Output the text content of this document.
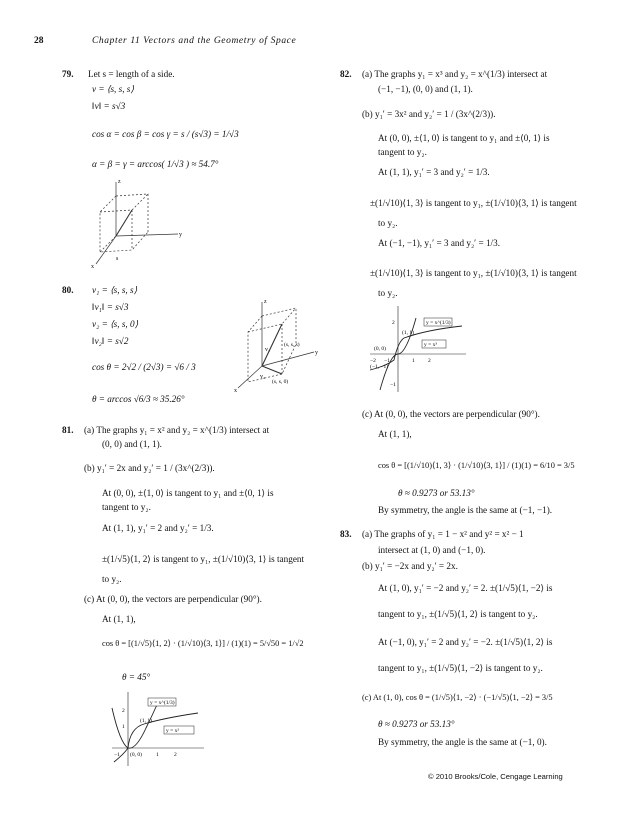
28	Chapter 11 Vectors and the Geometry of Space
79. Let s = length of a side.
v = ⟨s, s, s⟩
‖v‖ = s√3
cos α = cos β = cos γ = s / (s√3) = 1/√3
α = β = γ = arccos( 1/√3 ) ≈ 54.7°
z
y
x
s
80. v₁ = ⟨s, s, s⟩
‖v₁‖ = s√3
v₂ = ⟨s, s, 0⟩
‖v₂‖ = s√2
cos θ = 2√2 / (2√3) = √6 / 3
θ = arccos √6/3 ≈ 35.26°
z
y
x
v₁
v₂
(s, s, s)
(s, s, 0)
81. (a) The graphs y₁ = x² and y₂ = x^(1/3) intersect at
(0, 0) and (1, 1).
(b) y₁′ = 2x and y₂′ = 1 / (3x^(2/3)).
At (0, 0), ±⟨1, 0⟩ is tangent to y₁ and ±⟨0, 1⟩ is
tangent to y₂.
At (1, 1), y₁′ = 2 and y₂′ = 1/3.
±(1/√5)⟨1, 2⟩ is tangent to y₁, ±(1/√10)⟨3, 1⟩ is tangent
to y₂.
(c) At (0, 0), the vectors are perpendicular (90°).
At (1, 1),
cos θ = [(1/√5)⟨1, 2⟩ · (1/√10)⟨3, 1⟩] / (1)(1) = 5/√50 = 1/√2
θ = 45°
y = x^(1/3)
y = x²
(1, 1)
(0, 0)
2
1
−1	1	2
82. (a) The graphs y₁ = x³ and y₂ = x^(1/3) intersect at
(−1, −1), (0, 0) and (1, 1).
(b) y₁′ = 3x² and y₂′ = 1 / (3x^(2/3)).
At (0, 0), ±⟨1, 0⟩ is tangent to y₁ and ±⟨0, 1⟩ is
tangent to y₂.
At (1, 1), y₁′ = 3 and y₂′ = 1/3.
±(1/√10)⟨1, 3⟩ is tangent to y₁, ±(1/√10)⟨3, 1⟩ is tangent
to y₂.
At (−1, −1), y₁′ = 3 and y₂′ = 1/3.
±(1/√10)⟨1, 3⟩ is tangent to y₁, ±(1/√10)⟨3, 1⟩ is tangent
to y₂.
y = x^(1/3)
y = x³
(1, 1)
(0, 0)
(−1, −1)
2
−2 −1	1 2
−1
(c) At (0, 0), the vectors are perpendicular (90°).
At (1, 1),
cos θ = [(1/√10)⟨1, 3⟩ · (1/√10)⟨3, 1⟩] / (1)(1) = 6/10 = 3/5
θ ≈ 0.9273 or 53.13°
By symmetry, the angle is the same at (−1, −1).
83. (a) The graphs of y₁ = 1 − x² and y² = x² − 1
intersect at (1, 0) and (−1, 0).
(b) y₁′ = −2x and y₂′ = 2x.
At (1, 0), y₁′ = −2 and y₂′ = 2. ±(1/√5)⟨1, −2⟩ is
tangent to y₁, ±(1/√5)⟨1, 2⟩ is tangent to y₂.
At (−1, 0), y₁′ = 2 and y₂′ = −2. ±(1/√5)⟨1, 2⟩ is
tangent to y₁, ±(1/√5)⟨1, −2⟩ is tangent to y₂.
(c) At (1, 0), cos θ = (1/√5)⟨1, −2⟩ · (−1/√5)⟨1, −2⟩ = 3/5
θ ≈ 0.9273 or 53.13°
By symmetry, the angle is the same at (−1, 0).
© 2010 Brooks/Cole, Cengage Learning
